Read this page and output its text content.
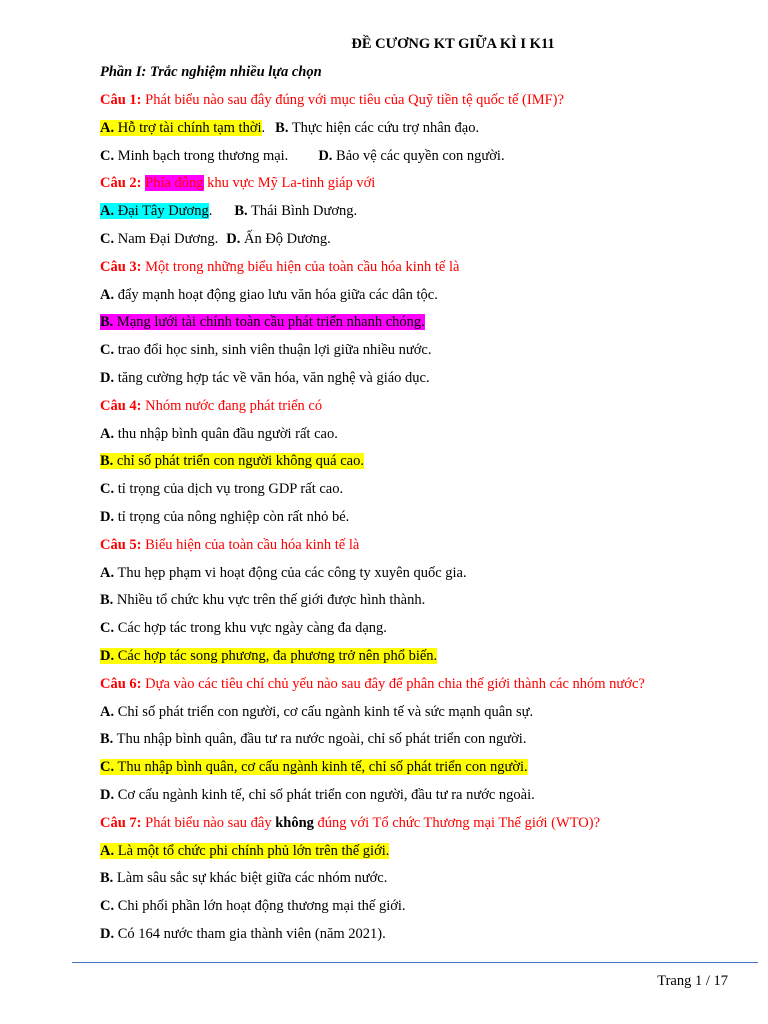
ĐỀ CƯƠNG KT GIỮA KÌ I K11
Phần I: Trắc nghiệm nhiều lựa chọn
Câu 1: Phát biểu nào sau đây đúng với mục tiêu của Quỹ tiền tệ quốc tế (IMF)?
A. Hỗ trợ tài chính tạm thời. B. Thực hiện các cứu trợ nhân đạo.
C. Minh bạch trong thương mại. D. Bảo vệ các quyền con người.
Câu 2: Phía đông khu vực Mỹ La-tinh giáp với
A. Đại Tây Dương. B. Thái Bình Dương.
C. Nam Đại Dương. D. Ấn Độ Dương.
Câu 3: Một trong những biểu hiện của toàn cầu hóa kinh tế là
A. đẩy mạnh hoạt động giao lưu văn hóa giữa các dân tộc.
B. Mạng lưới tài chính toàn cầu phát triển nhanh chóng.
C. trao đổi học sinh, sinh viên thuận lợi giữa nhiều nước.
D. tăng cường hợp tác về văn hóa, văn nghệ và giáo dục.
Câu 4: Nhóm nước đang phát triển có
A. thu nhập bình quân đầu người rất cao.
B. chỉ số phát triển con người không quá cao.
C. tỉ trọng của dịch vụ trong GDP rất cao.
D. tỉ trọng của nông nghiệp còn rất nhỏ bé.
Câu 5: Biểu hiện của toàn cầu hóa kinh tế là
A. Thu hẹp phạm vi hoạt động của các công ty xuyên quốc gia.
B. Nhiều tổ chức khu vực trên thế giới được hình thành.
C. Các hợp tác trong khu vực ngày càng đa dạng.
D. Các hợp tác song phương, đa phương trở nên phổ biến.
Câu 6: Dựa vào các tiêu chí chủ yếu nào sau đây để phân chia thế giới thành các nhóm nước?
A. Chỉ số phát triển con người, cơ cấu ngành kinh tế và sức mạnh quân sự.
B. Thu nhập bình quân, đầu tư ra nước ngoài, chỉ số phát triển con người.
C. Thu nhập bình quân, cơ cấu ngành kinh tế, chỉ số phát triển con người.
D. Cơ cấu ngành kinh tế, chỉ số phát triển con người, đầu tư ra nước ngoài.
Câu 7: Phát biểu nào sau đây không đúng với Tổ chức Thương mại Thế giới (WTO)?
A. Là một tổ chức phi chính phủ lớn trên thế giới.
B. Làm sâu sắc sự khác biệt giữa các nhóm nước.
C. Chi phối phần lớn hoạt động thương mại thế giới.
D. Có 164 nước tham gia thành viên (năm 2021).
Trang 1 / 17
